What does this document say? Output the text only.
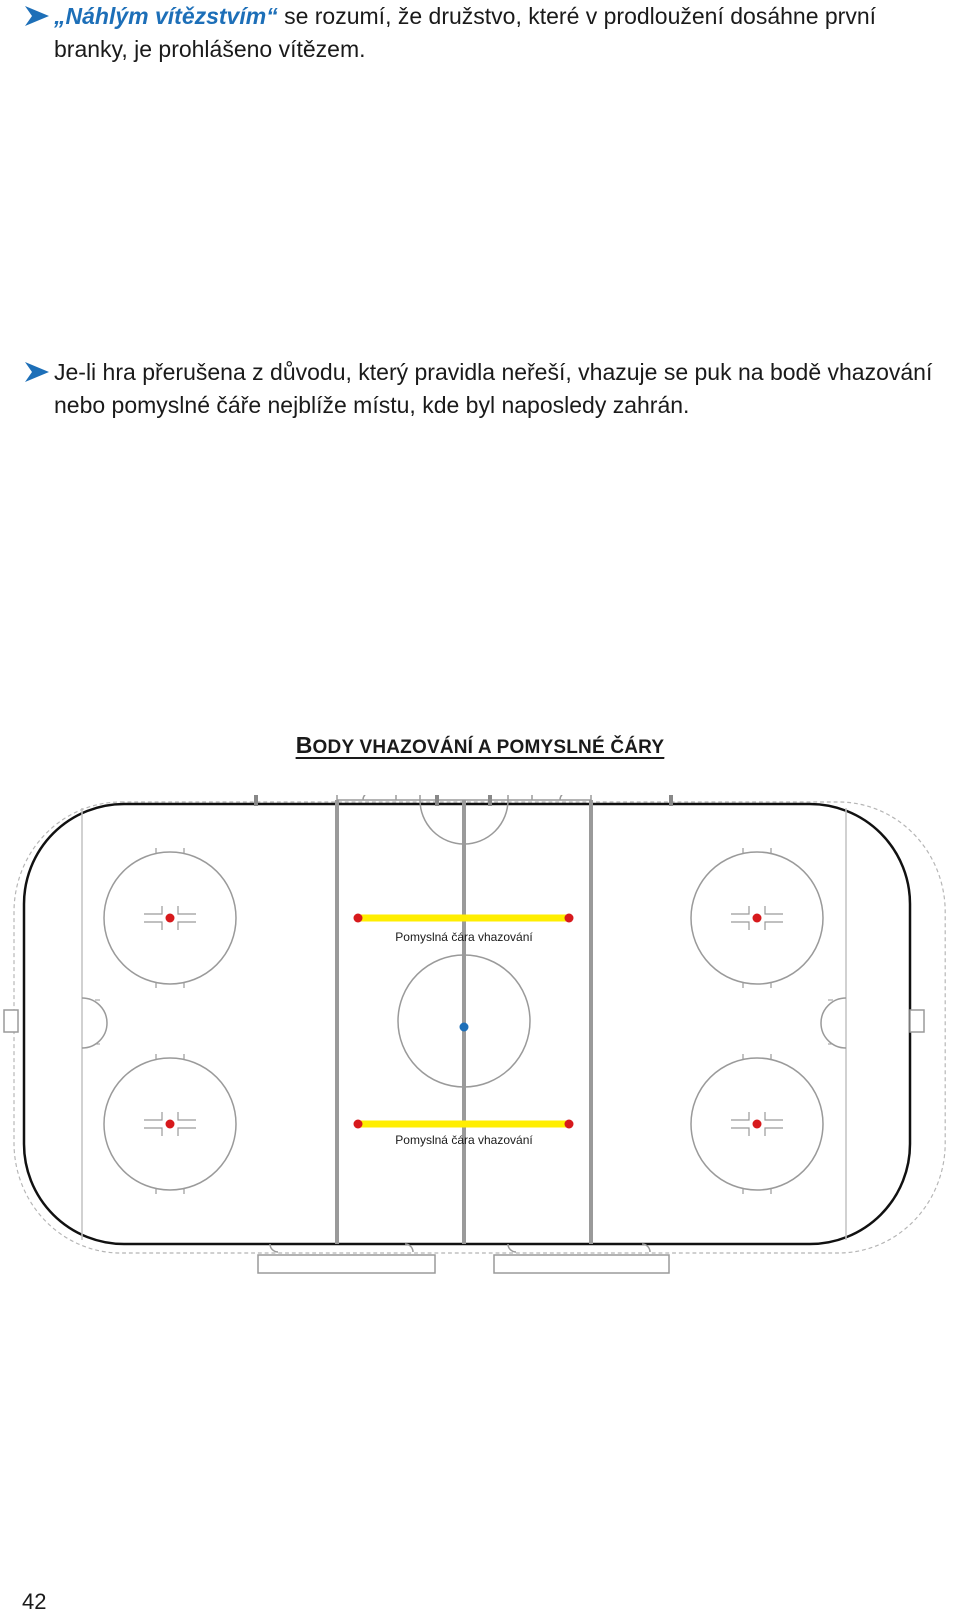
„Náhlým vítězstvím“ se rozumí, že družstvo, které v prodloužení dosáhne první branky, je prohlášeno vítězem.
Je-li hra přerušena z důvodu, který pravidla neřeší, vhazuje se puk na bodě vhazování nebo pomyslné čáře nejblíže místu, kde byl naposledy zahrán.
BODY VHAZOVÁNÍ A POMYSLNÉ ČÁRY
Pomyslná čára vhazování
Pomyslná čára vhazování
42
